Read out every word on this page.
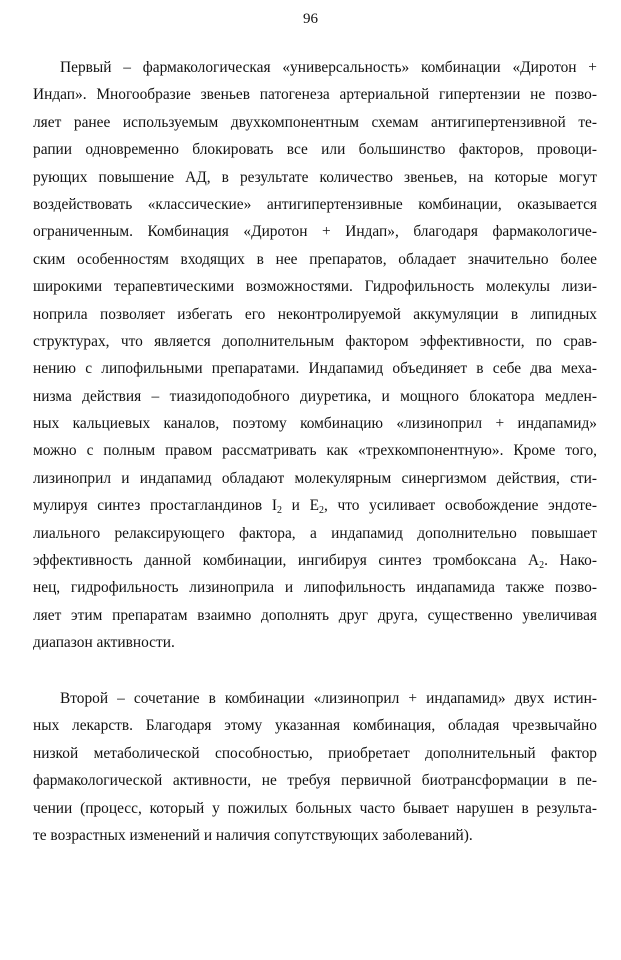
96
Первый – фармакологическая «универсальность» комбинации «Диротон +
Индап». Многообразие звеньев патогенеза артериальной гипертензии не позво-
ляет ранее используемым двухкомпонентным схемам антигипертензивной те-
рапии одновременно блокировать все или большинство факторов, провоци-
рующих повышение АД, в результате количество звеньев, на которые могут
воздействовать «классические» антигипертензивные комбинации, оказывается
ограниченным. Комбинация «Диротон + Индап», благодаря фармакологиче-
ским особенностям входящих в нее препаратов, обладает значительно более
широкими терапевтическими возможностями. Гидрофильность молекулы лизи-
ноприла позволяет избегать его неконтролируемой аккумуляции в липидных
структурах, что является дополнительным фактором эффективности, по срав-
нению с липофильными препаратами. Индапамид объединяет в себе два меха-
низма действия – тиазидоподобного диуретика, и мощного блокатора медлен-
ных кальциевых каналов, поэтому комбинацию «лизиноприл + индапамид»
можно с полным правом рассматривать как «трехкомпонентную». Кроме того,
лизиноприл и индапамид обладают молекулярным синергизмом действия, сти-
мулируя синтез простагландинов $I_2$ и $E_2$, что усиливает освобождение эндоте-
лиального релаксирующего фактора, а индапамид дополнительно повышает
эффективность данной комбинации, ингибируя синтез тромбоксана $A_2$. Нако-
нец, гидрофильность лизиноприла и липофильность индапамида также позво-
ляет этим препаратам взаимно дополнять друг друга, существенно увеличивая
диапазон активности.
Второй – сочетание в комбинации «лизиноприл + индапамид» двух истин-
ных лекарств. Благодаря этому указанная комбинация, обладая чрезвычайно
низкой метаболической способностью, приобретает дополнительный фактор
фармакологической активности, не требуя первичной биотрансформации в пе-
чении (процесс, который у пожилых больных часто бывает нарушен в результа-
те возрастных изменений и наличия сопутствующих заболеваний).
